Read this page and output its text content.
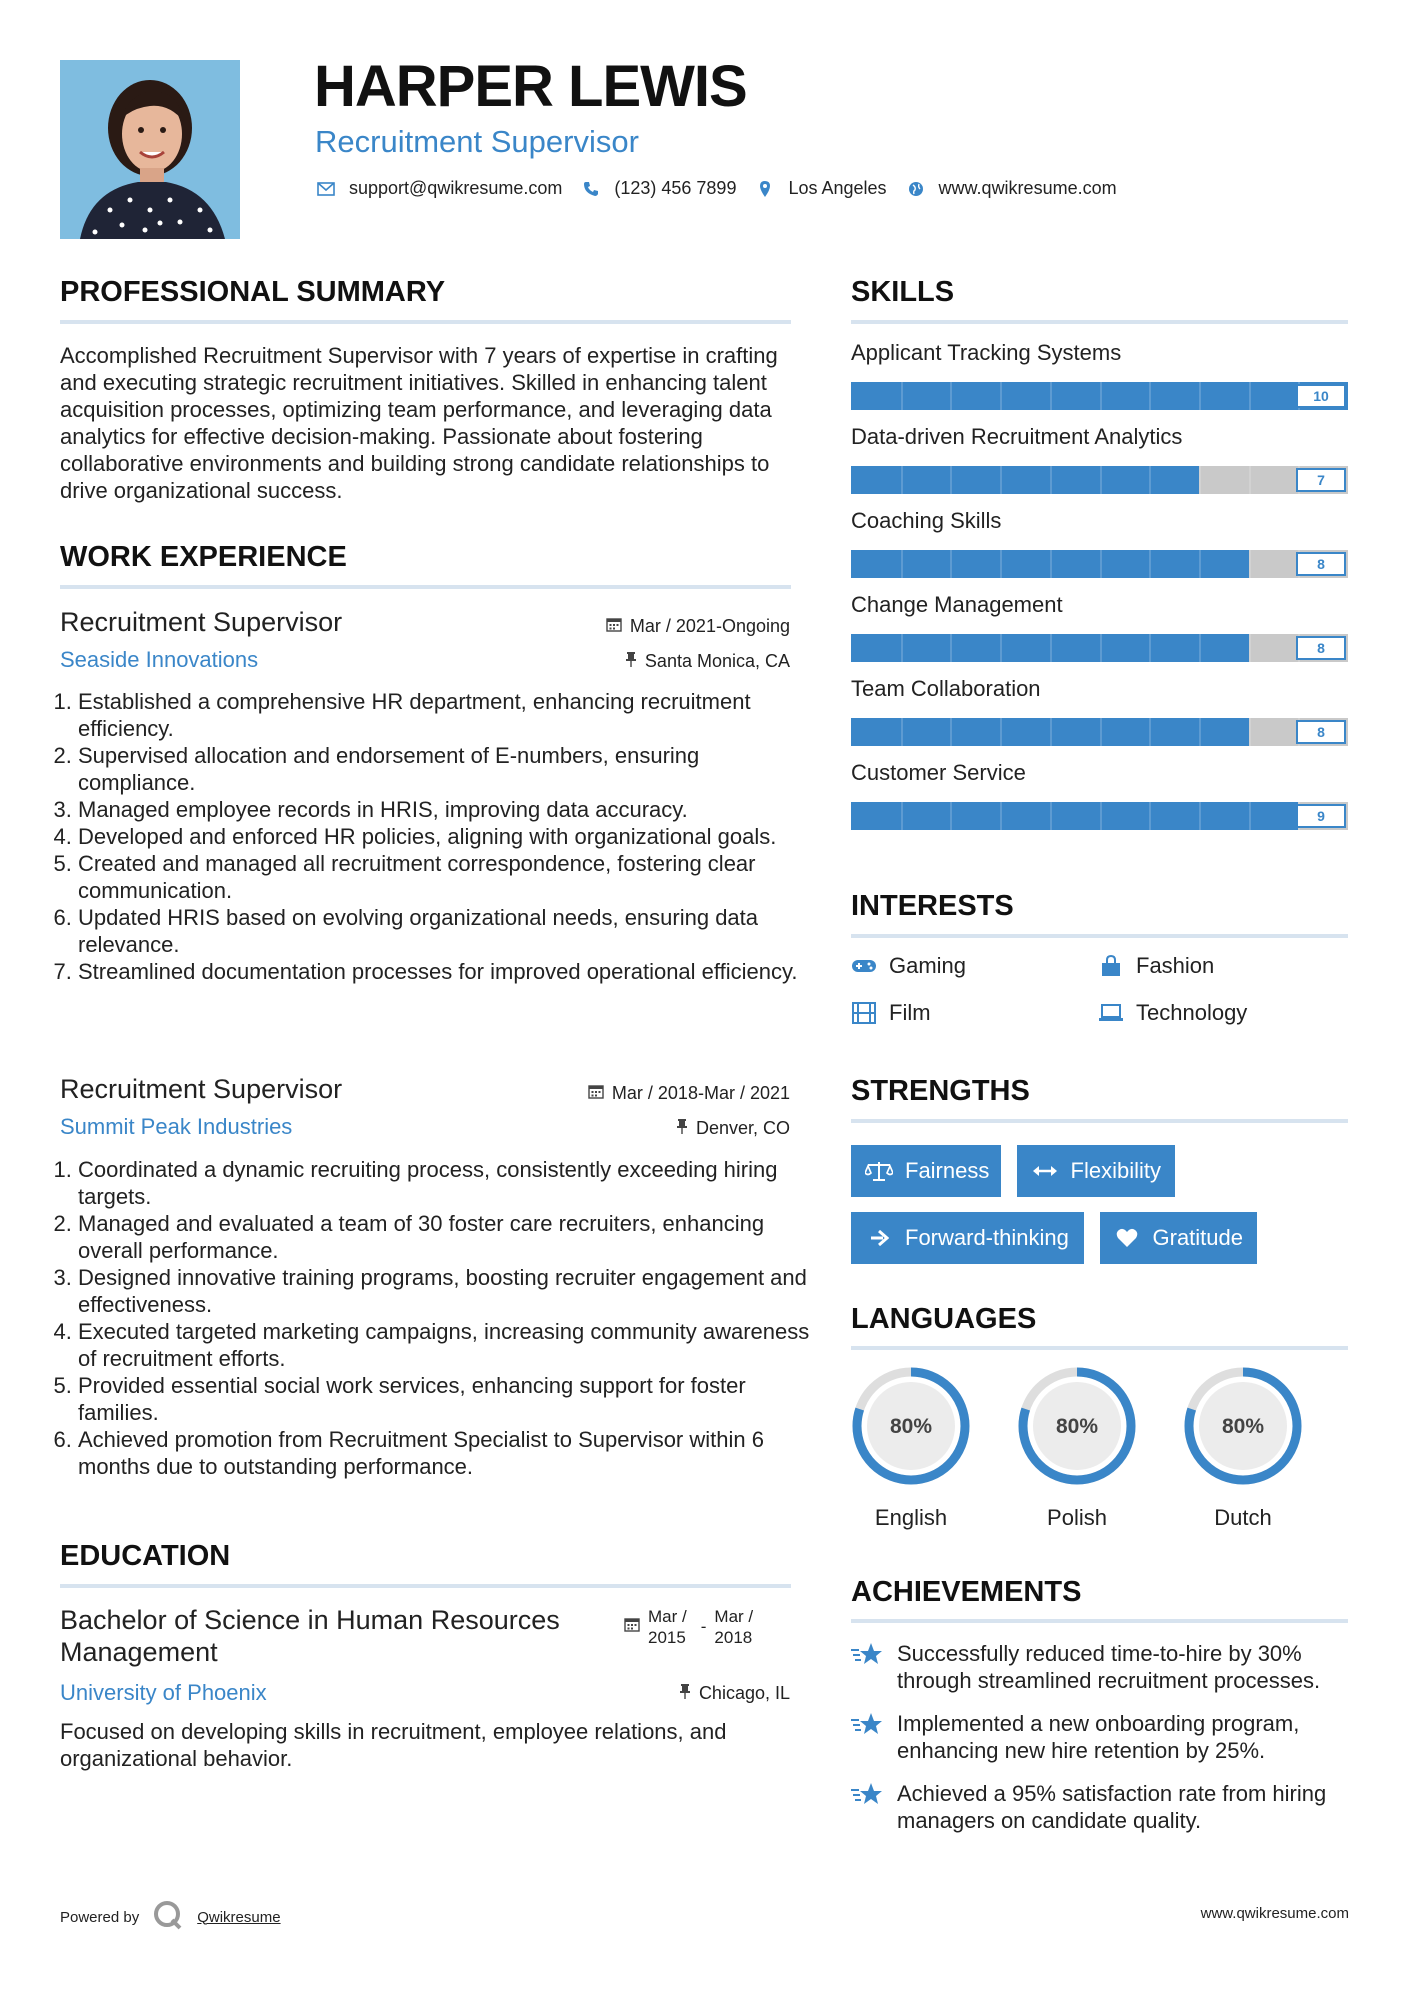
HARPER LEWIS
Recruitment Supervisor
support@qwikresume.com	(123) 456 7899	Los Angeles	www.qwikresume.com
PROFESSIONAL SUMMARY
Accomplished Recruitment Supervisor with 7 years of expertise in crafting and executing strategic recruitment initiatives. Skilled in enhancing talent acquisition processes, optimizing team performance, and leveraging data analytics for effective decision-making. Passionate about fostering collaborative environments and building strong candidate relationships to drive organizational success.
WORK EXPERIENCE
Recruitment Supervisor	Mar / 2021-Ongoing
Seaside Innovations	Santa Monica, CA
1. Established a comprehensive HR department, enhancing recruitment efficiency.
2. Supervised allocation and endorsement of E-numbers, ensuring compliance.
3. Managed employee records in HRIS, improving data accuracy.
4. Developed and enforced HR policies, aligning with organizational goals.
5. Created and managed all recruitment correspondence, fostering clear communication.
6. Updated HRIS based on evolving organizational needs, ensuring data relevance.
7. Streamlined documentation processes for improved operational efficiency.
Recruitment Supervisor	Mar / 2018-Mar / 2021
Summit Peak Industries	Denver, CO
1. Coordinated a dynamic recruiting process, consistently exceeding hiring targets.
2. Managed and evaluated a team of 30 foster care recruiters, enhancing overall performance.
3. Designed innovative training programs, boosting recruiter engagement and effectiveness.
4. Executed targeted marketing campaigns, increasing community awareness of recruitment efforts.
5. Provided essential social work services, enhancing support for foster families.
6. Achieved promotion from Recruitment Specialist to Supervisor within 6 months due to outstanding performance.
EDUCATION
Bachelor of Science in Human Resources Management
Mar /
2015
-
Mar /
2018
University of Phoenix	Chicago, IL
Focused on developing skills in recruitment, employee relations, and organizational behavior.
SKILLS
Applicant Tracking Systems
10
Data-driven Recruitment Analytics
7
Coaching Skills
8
Change Management
8
Team Collaboration
8
Customer Service
9
INTERESTS
Gaming	Fashion
Film	Technology
STRENGTHS
Fairness	Flexibility
Forward-thinking	Gratitude
LANGUAGES
80%
English
80%
Polish
80%
Dutch
ACHIEVEMENTS
Successfully reduced time-to-hire by 30% through streamlined recruitment processes.
Implemented a new onboarding program, enhancing new hire retention by 25%.
Achieved a 95% satisfaction rate from hiring managers on candidate quality.
Powered by	Qwikresume	www.qwikresume.com
